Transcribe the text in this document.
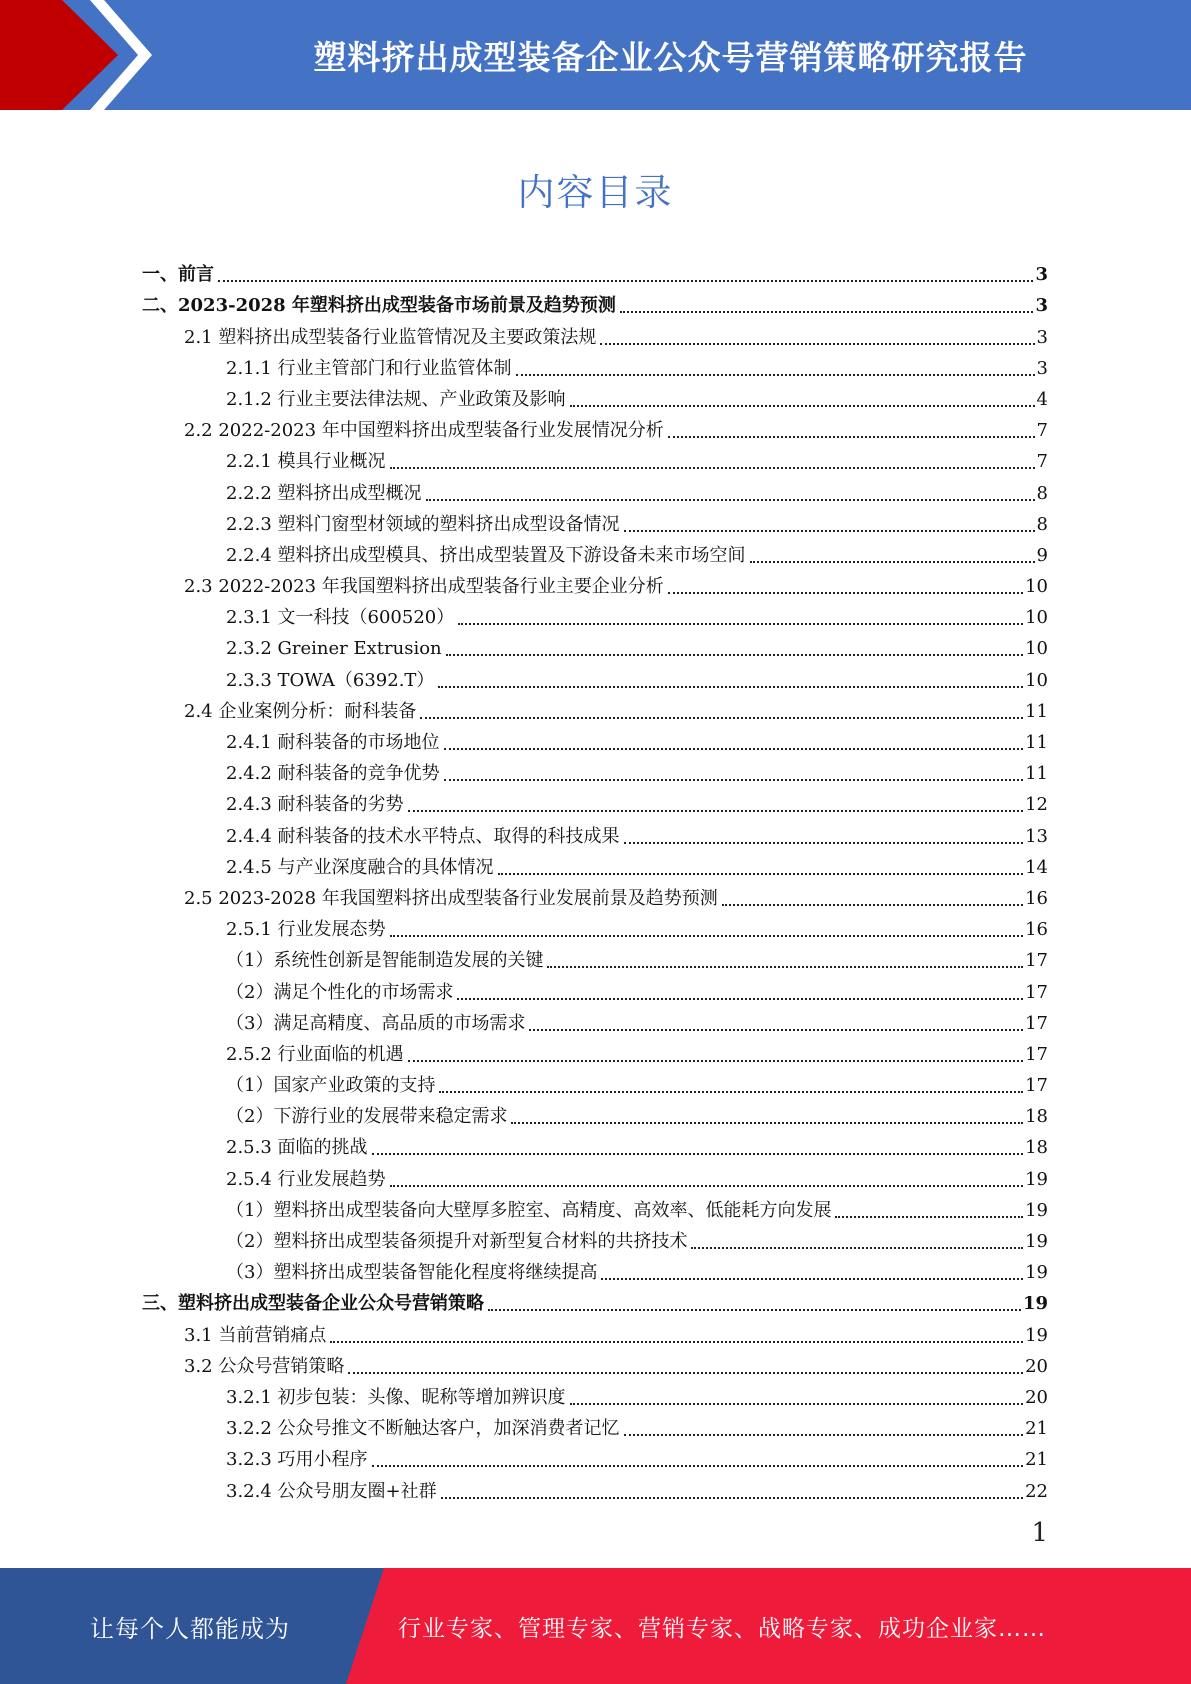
塑料挤出成型装备企业公众号营销策略研究报告
内容目录
一、前言	3
二、2023-2028 年塑料挤出成型装备市场前景及趋势预测	3
2.1 塑料挤出成型装备行业监管情况及主要政策法规	3
2.1.1 行业主管部门和行业监管体制	3
2.1.2 行业主要法律法规、产业政策及影响	4
2.2 2022-2023 年中国塑料挤出成型装备行业发展情况分析	7
2.2.1 模具行业概况	7
2.2.2 塑料挤出成型概况	8
2.2.3 塑料门窗型材领域的塑料挤出成型设备情况	8
2.2.4 塑料挤出成型模具、挤出成型装置及下游设备未来市场空间	9
2.3 2022-2023 年我国塑料挤出成型装备行业主要企业分析	10
2.3.1 文一科技（600520）	10
2.3.2 Greiner Extrusion	10
2.3.3 TOWA（6392.T）	10
2.4 企业案例分析：耐科装备	11
2.4.1 耐科装备的市场地位	11
2.4.2 耐科装备的竞争优势	11
2.4.3 耐科装备的劣势	12
2.4.4 耐科装备的技术水平特点、取得的科技成果	13
2.4.5 与产业深度融合的具体情况	14
2.5 2023-2028 年我国塑料挤出成型装备行业发展前景及趋势预测	16
2.5.1 行业发展态势	16
（1）系统性创新是智能制造发展的关键	17
（2）满足个性化的市场需求	17
（3）满足高精度、高品质的市场需求	17
2.5.2 行业面临的机遇	17
（1）国家产业政策的支持	17
（2）下游行业的发展带来稳定需求	18
2.5.3 面临的挑战	18
2.5.4 行业发展趋势	19
（1）塑料挤出成型装备向大壁厚多腔室、高精度、高效率、低能耗方向发展	19
（2）塑料挤出成型装备须提升对新型复合材料的共挤技术	19
（3）塑料挤出成型装备智能化程度将继续提高	19
三、塑料挤出成型装备企业公众号营销策略	19
3.1 当前营销痛点	19
3.2 公众号营销策略	20
3.2.1 初步包装：头像、昵称等增加辨识度	20
3.2.2 公众号推文不断触达客户，加深消费者记忆	21
3.2.3 巧用小程序	21
3.2.4 公众号朋友圈+社群	22
1
让每个人都能成为	行业专家、管理专家、营销专家、战略专家、成功企业家……
